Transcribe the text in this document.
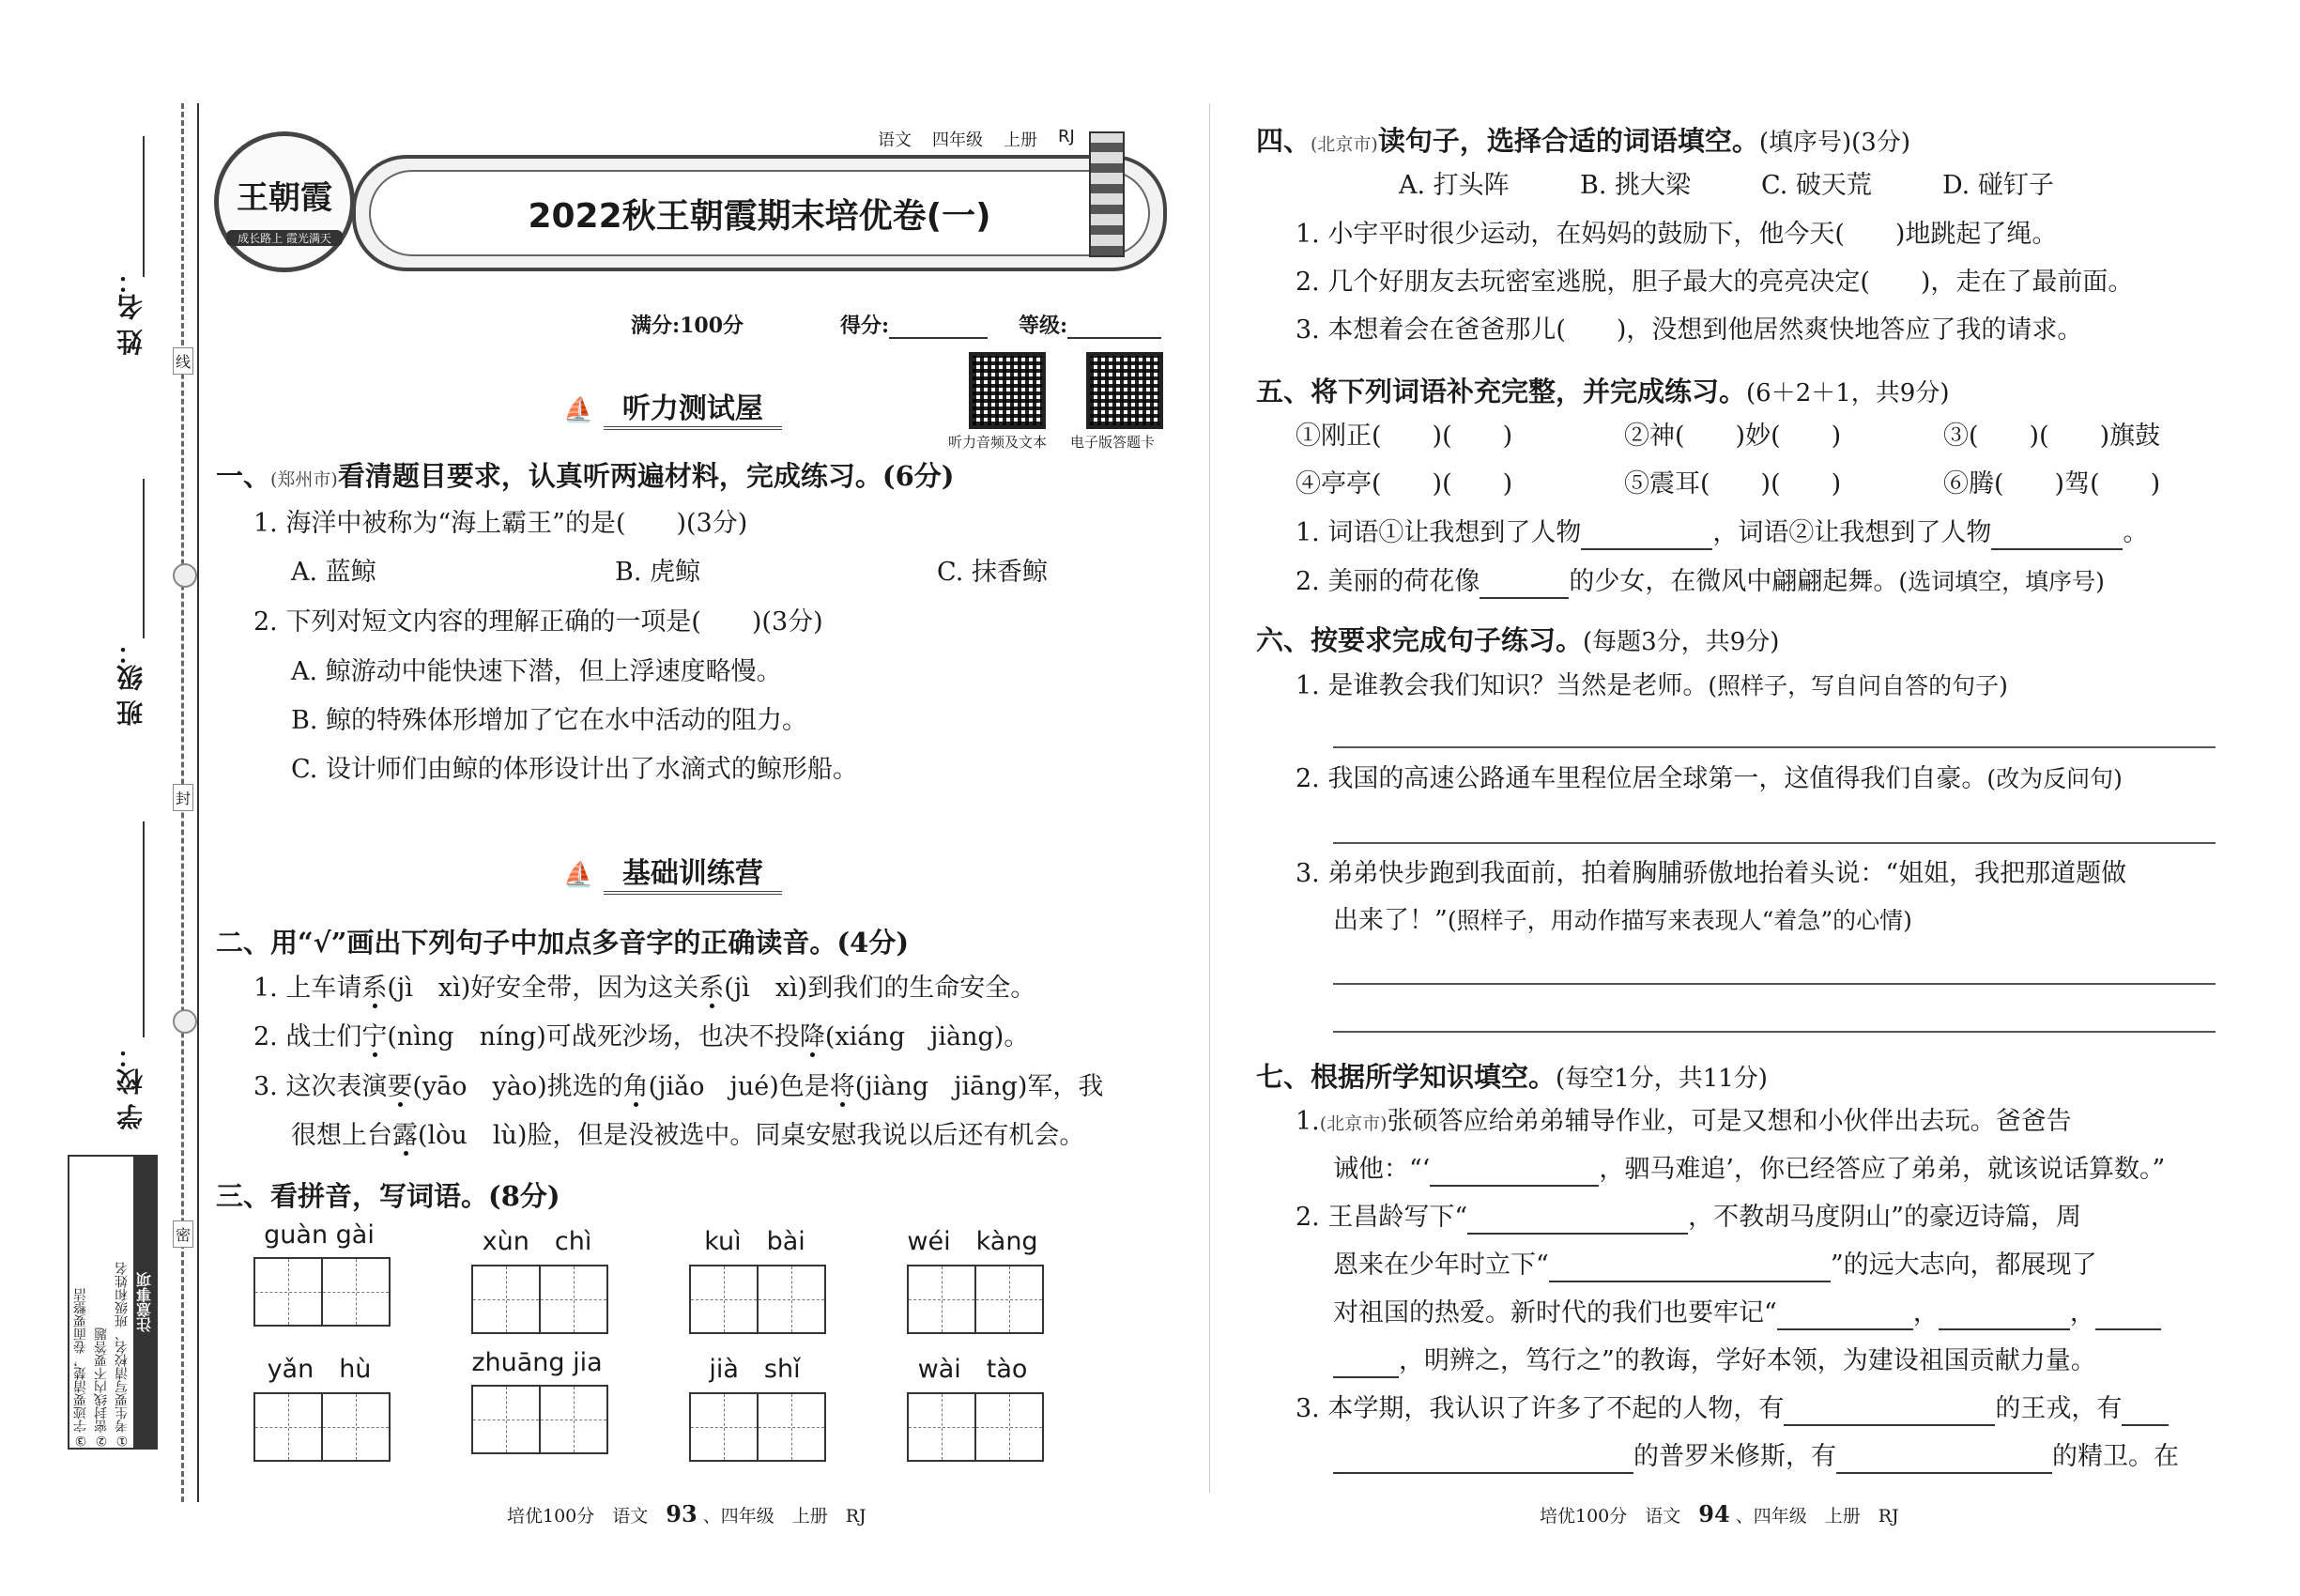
姓 名：
班 级：
学 校：
线
封
密
注意事项
①考生要写清校名、班级和姓名
②密封线内不要答题
③字迹要清楚，卷面要整洁
王朝霞
成长路上 霞光满天
语文 四年级 上册 RJ
2022秋王朝霞期末培优卷(一)
满分:100分	得分:	等级:
听力音频及文本 电子版答题卡
⛵ 听力测试屋
一、(郑州市)看清题目要求，认真听两遍材料，完成练习。(6分)
1. 海洋中被称为“海上霸王”的是(　　)(3分)
A. 蓝鲸	B. 虎鲸	C. 抹香鲸
2. 下列对短文内容的理解正确的一项是(　　)(3分)
A. 鲸游动中能快速下潜，但上浮速度略慢。
B. 鲸的特殊体形增加了它在水中活动的阻力。
C. 设计师们由鲸的体形设计出了水滴式的鲸形船。
⛵ 基础训练营
二、用“√”画出下列句子中加点多音字的正确读音。(4分)
1. 上车请系(jì　xì)好安全带，因为这关系(jì　xì)到我们的生命安全。
2. 战士们宁(nìng　níng)可战死沙场，也决不投降(xiáng　jiàng)。
3. 这次表演要(yāo　yào)挑选的角(jiǎo　jué)色是将(jiàng　jiāng)军，我
很想上台露(lòu　lù)脸，但是没被选中。同桌安慰我说以后还有机会。
三、看拼音，写词语。(8分)
guàn gài	xùn　chì	kuì　bài	wéi　kàng
yǎn　hù	zhuāng jia	jià　shǐ	wài　tào
培优100分　语文　 93 、四年级　上册　RJ
四、(北京市)读句子，选择合适的词语填空。(填序号)(3分)
A. 打头阵	B. 挑大梁	C. 破天荒	D. 碰钉子
1. 小宇平时很少运动，在妈妈的鼓励下，他今天(　　)地跳起了绳。
2. 几个好朋友去玩密室逃脱，胆子最大的亮亮决定(　　)，走在了最前面。
3. 本想着会在爸爸那儿(　　)，没想到他居然爽快地答应了我的请求。
五、将下列词语补充完整，并完成练习。(6＋2＋1，共9分)
①刚正(　　)(　　)	②神(　　)妙(　　)	③(　　)(　　)旗鼓
④亭亭(　　)(　　)	⑤震耳(　　)(　　)	⑥腾(　　)驾(　　)
1. 词语①让我想到了人物	，词语②让我想到了人物	。
2. 美丽的荷花像	的少女，在微风中翩翩起舞。(选词填空，填序号)
六、按要求完成句子练习。(每题3分，共9分)
1. 是谁教会我们知识？当然是老师。(照样子，写自问自答的句子)
2. 我国的高速公路通车里程位居全球第一，这值得我们自豪。(改为反问句)
3. 弟弟快步跑到我面前，拍着胸脯骄傲地抬着头说：“姐姐，我把那道题做
出来了！”(照样子，用动作描写来表现人“着急”的心情)
七、根据所学知识填空。(每空1分，共11分)
1.(北京市)张硕答应给弟弟辅导作业，可是又想和小伙伴出去玩。爸爸告
诫他：“‘	，驷马难追’，你已经答应了弟弟，就该说话算数。”
2. 王昌龄写下“	，不教胡马度阴山”的豪迈诗篇，周
恩来在少年时立下“	”的远大志向，都展现了
对祖国的热爱。新时代的我们也要牢记“	，	，
，明辨之，笃行之”的教诲，学好本领，为建设祖国贡献力量。
3. 本学期，我认识了许多了不起的人物，有	的王戎，有
的普罗米修斯，有	的精卫。在
培优100分　语文　 94 、四年级　上册　RJ
